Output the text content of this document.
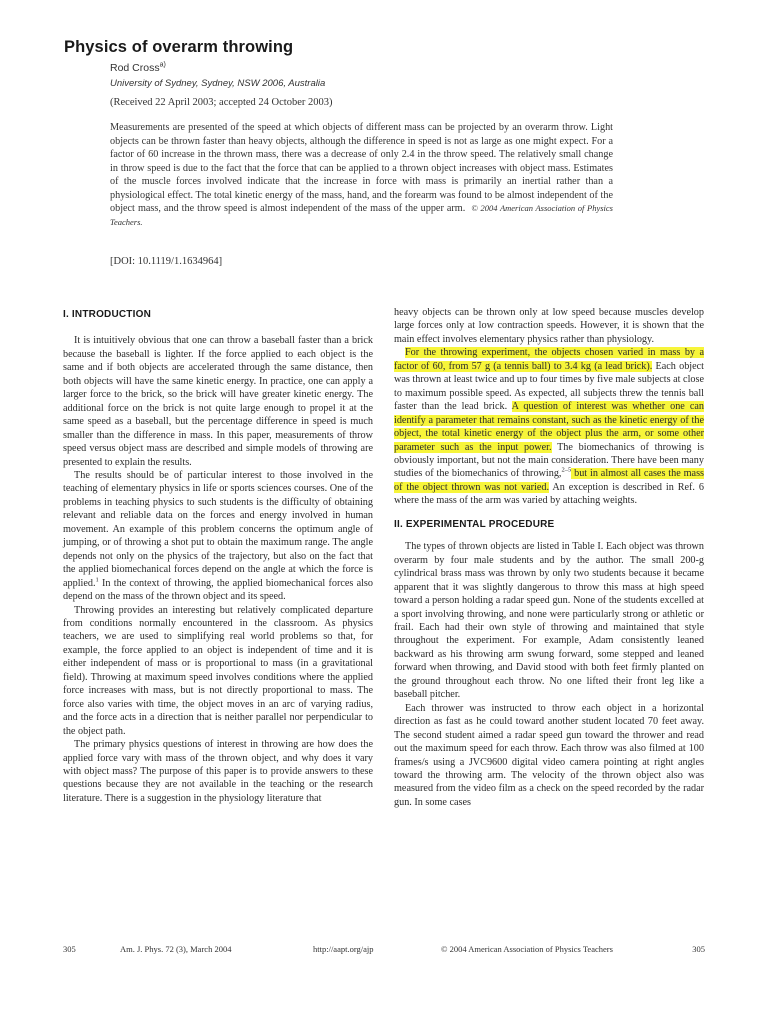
Physics of overarm throwing
Rod Cross$^{a)}$
University of Sydney, Sydney, NSW 2006, Australia
(Received 22 April 2003; accepted 24 October 2003)
Measurements are presented of the speed at which objects of different mass can be projected by an overarm throw. Light objects can be thrown faster than heavy objects, although the difference in speed is not as large as one might expect. For a factor of 60 increase in the thrown mass, there was a decrease of only 2.4 in the throw speed. The relatively small change in throw speed is due to the fact that the force that can be applied to a thrown object increases with object mass. Estimates of the muscle forces involved indicate that the increase in force with mass is primarily an inertial rather than a physiological effect. The total kinetic energy of the mass, hand, and the forearm was found to be almost independent of the object mass, and the throw speed is almost independent of the mass of the upper arm. © 2004 American Association of Physics Teachers.
[DOI: 10.1119/1.1634964]

I. INTRODUCTION

It is intuitively obvious that one can throw a baseball faster than a brick because the baseball is lighter. If the force applied to each object is the same and if both objects are accelerated through the same distance, then both objects will have the same kinetic energy. In practice, one can apply a larger force to the brick, so the brick will have greater kinetic energy. The additional force on the brick is not quite large enough to propel it at the same speed as a baseball, but the percentage difference in speed is much smaller than the difference in mass. In this paper, measurements of throw speed versus object mass are described and simple models of throwing are presented to explain the results.

The results should be of particular interest to those involved in the teaching of elementary physics in life or sports sciences courses. One of the problems in teaching physics to such students is the difficulty of obtaining relevant and reliable data on the forces and energy involved in human movement. An example of this problem concerns the optimum angle of jumping, or of throwing a shot put to obtain the maximum range. The angle depends not only on the physics of the trajectory, but also on the fact that the applied biomechanical forces depend on the angle at which the force is applied.$^1$ In the context of throwing, the applied biomechanical forces also depend on the mass of the thrown object and its speed.

Throwing provides an interesting but relatively complicated departure from conditions normally encountered in the classroom. As physics teachers, we are used to simplifying real world problems so that, for example, the force applied to an object is independent of time and it is either independent of mass or is proportional to mass (in a gravitational field). Throwing at maximum speed involves conditions where the applied force increases with mass, but is not directly proportional to mass. The force also varies with time, the object moves in an arc of varying radius, and the force acts in a direction that is neither parallel nor perpendicular to the object path.

The primary physics questions of interest in throwing are how does the applied force vary with mass of the thrown object, and why does it vary with object mass? The purpose of this paper is to provide answers to these questions because they are not available in the teaching or the research literature. There is a suggestion in the physiology literature that

heavy objects can be thrown only at low speed because muscles develop large forces only at low contraction speeds. However, it is shown that the main effect involves elementary physics rather than physiology.

For the throwing experiment, the objects chosen varied in mass by a factor of 60, from 57 g (a tennis ball) to 3.4 kg (a lead brick). Each object was thrown at least twice and up to four times by five male subjects at close to maximum possible speed. As expected, all subjects threw the tennis ball faster than the lead brick. A question of interest was whether one can identify a parameter that remains constant, such as the kinetic energy of the object, the total kinetic energy of the object plus the arm, or some other parameter such as the input power. The biomechanics of throwing is obviously important, but not the main consideration. There have been many studies of the biomechanics of throwing,$^{2-5}$ but in almost all cases the mass of the object thrown was not varied. An exception is described in Ref. 6 where the mass of the arm was varied by attaching weights.

II. EXPERIMENTAL PROCEDURE

The types of thrown objects are listed in Table I. Each object was thrown overarm by four male students and by the author. The small 200-g cylindrical brass mass was thrown by only two students because it became apparent that it was slightly dangerous to throw this mass at high speed toward a person holding a radar speed gun. None of the students excelled at a sport involving throwing, and none were particularly strong or athletic or frail. Each had their own style of throwing and maintained that style throughout the experiment. For example, Adam consistently leaned backward as his throwing arm swung forward, some stepped and leaned forward when throwing, and David stood with both feet firmly planted on the ground throughout each throw. No one lifted their front leg like a baseball pitcher.

Each thrower was instructed to throw each object in a horizontal direction as fast as he could toward another student located 70 feet away. The second student aimed a radar speed gun toward the thrower and read out the maximum speed for each throw. Each throw was also filmed at 100 frames/s using a JVC9600 digital video camera pointing at right angles toward the throwing arm. The velocity of the thrown object also was measured from the video film as a check on the speed recorded by the radar gun. In some cases

305	Am. J. Phys. 72 (3), March 2004	http://aapt.org/ajp	© 2004 American Association of Physics Teachers	305
